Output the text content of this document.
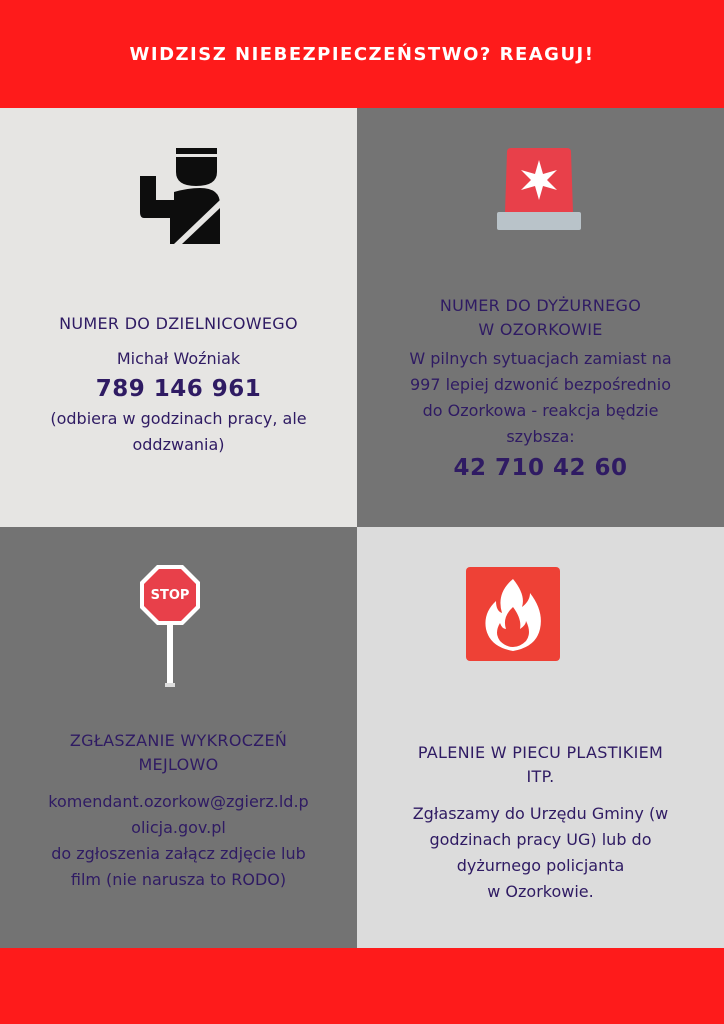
WIDZISZ NIEBEZPIECZEŃSTWO? REAGUJ!
NUMER DO DZIELNICOWEGO
Michał Woźniak
789 146 961
(odbiera w godzinach pracy, ale
oddzwania)
NUMER DO DYŻURNEGO
W OZORKOWIE
W pilnych sytuacjach zamiast na
997 lepiej dzwonić bezpośrednio
do Ozorkowa - reakcja będzie
szybsza:
42 710 42 60
STOP
ZGŁASZANIE WYKROCZEŃ
MEJLOWO
komendant.ozorkow@zgierz.ld.p
olicja.gov.pl
do zgłoszenia załącz zdjęcie lub
film (nie narusza to RODO)
PALENIE W PIECU PLASTIKIEM
ITP.
Zgłaszamy do Urzędu Gminy (w
godzinach pracy UG) lub do
dyżurnego policjanta
w Ozorkowie.
